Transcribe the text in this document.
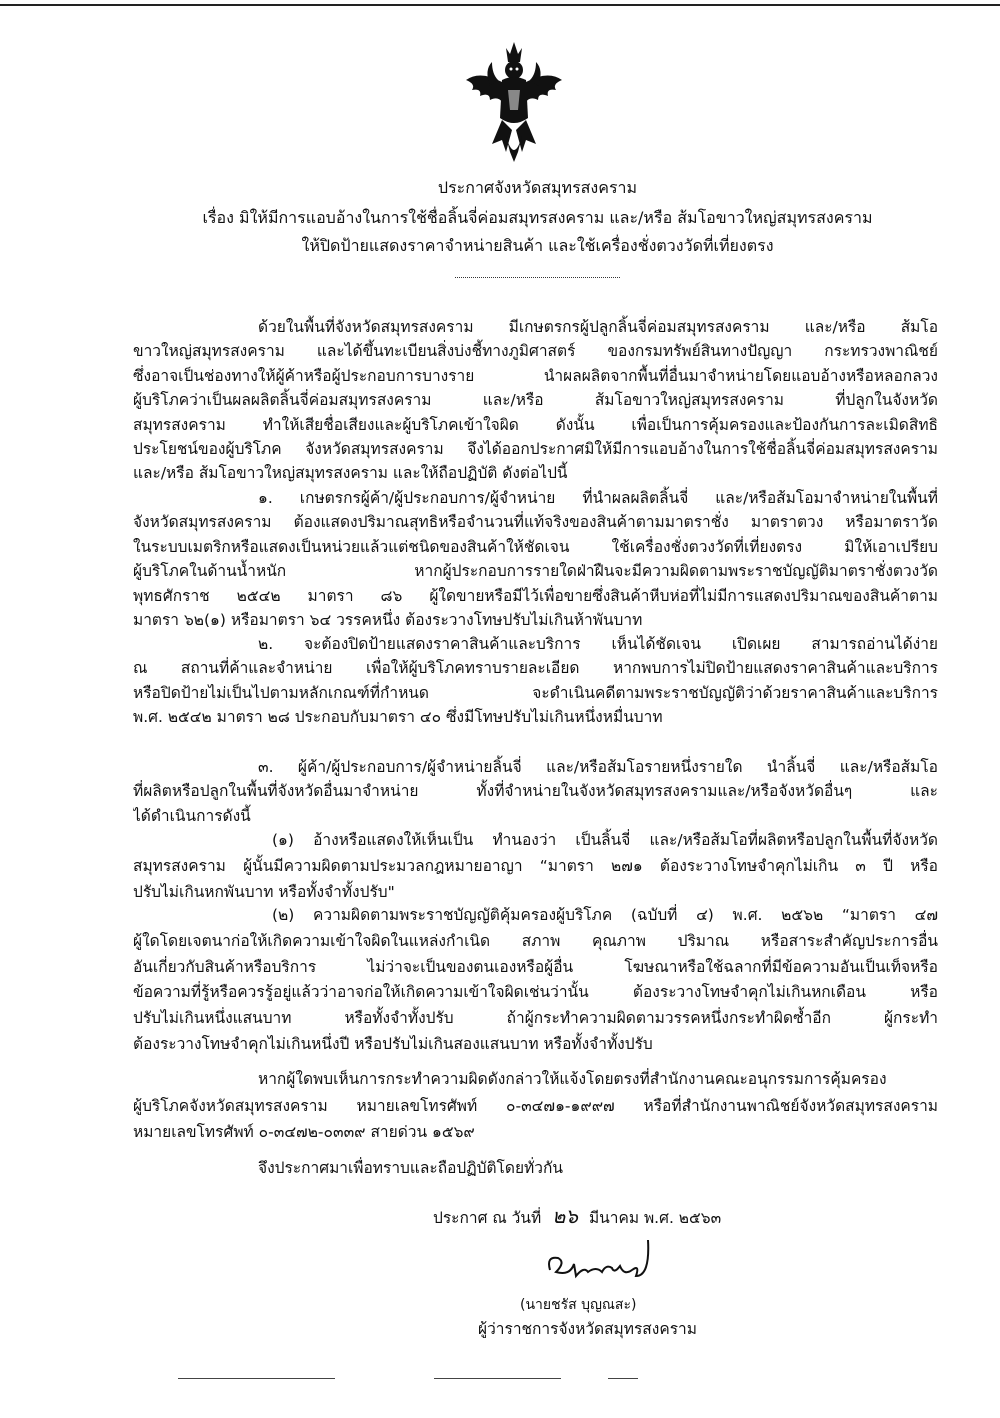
ประกาศจังหวัดสมุทรสงคราม
เรื่อง มิให้มีการแอบอ้างในการใช้ชื่อลิ้นจี่ค่อมสมุทรสงคราม และ/หรือ ส้มโอขาวใหญ่สมุทรสงคราม
ให้ปิดป้ายแสดงราคาจำหน่ายสินค้า และใช้เครื่องชั่งตวงวัดที่เที่ยงตรง
ด้วยในพื้นที่จังหวัดสมุทรสงคราม มีเกษตรกรผู้ปลูกลิ้นจี่ค่อมสมุทรสงคราม และ/หรือ ส้มโอ
ขาวใหญ่สมุทรสงคราม และได้ขึ้นทะเบียนสิ่งบ่งชี้ทางภูมิศาสตร์ ของกรมทรัพย์สินทางปัญญา กระทรวงพาณิชย์
ซึ่งอาจเป็นช่องทางให้ผู้ค้าหรือผู้ประกอบการบางราย นำผลผลิตจากพื้นที่อื่นมาจำหน่ายโดยแอบอ้างหรือหลอกลวง
ผู้บริโภคว่าเป็นผลผลิตลิ้นจี่ค่อมสมุทรสงคราม และ/หรือ ส้มโอขาวใหญ่สมุทรสงคราม ที่ปลูกในจังหวัด
สมุทรสงคราม ทำให้เสียชื่อเสียงและผู้บริโภคเข้าใจผิด ดังนั้น เพื่อเป็นการคุ้มครองและป้องกันการละเมิดสิทธิ
ประโยชน์ของผู้บริโภค จังหวัดสมุทรสงคราม จึงได้ออกประกาศมิให้มีการแอบอ้างในการใช้ชื่อลิ้นจี่ค่อมสมุทรสงคราม
และ/หรือ ส้มโอขาวใหญ่สมุทรสงคราม และให้ถือปฏิบัติ ดังต่อไปนี้
๑. เกษตรกรผู้ค้า/ผู้ประกอบการ/ผู้จำหน่าย ที่นำผลผลิตลิ้นจี่ และ/หรือส้มโอมาจำหน่ายในพื้นที่
จังหวัดสมุทรสงคราม ต้องแสดงปริมาณสุทธิหรือจำนวนที่แท้จริงของสินค้าตามมาตราชั่ง มาตราตวง หรือมาตราวัด
ในระบบเมตริกหรือแสดงเป็นหน่วยแล้วแต่ชนิดของสินค้าให้ชัดเจน ใช้เครื่องชั่งตวงวัดที่เที่ยงตรง มิให้เอาเปรียบ
ผู้บริโภคในด้านน้ำหนัก หากผู้ประกอบการรายใดฝ่าฝืนจะมีความผิดตามพระราชบัญญัติมาตราชั่งตวงวัด
พุทธศักราช ๒๕๔๒ มาตรา ๘๖ ผู้ใดขายหรือมีไว้เพื่อขายซึ่งสินค้าหีบห่อที่ไม่มีการแสดงปริมาณของสินค้าตาม
มาตรา ๖๒(๑) หรือมาตรา ๖๔ วรรคหนึ่ง ต้องระวางโทษปรับไม่เกินห้าพันบาท
๒. จะต้องปิดป้ายแสดงราคาสินค้าและบริการ เห็นได้ชัดเจน เปิดเผย สามารถอ่านได้ง่าย
ณ สถานที่ค้าและจำหน่าย เพื่อให้ผู้บริโภคทราบรายละเอียด หากพบการไม่ปิดป้ายแสดงราคาสินค้าและบริการ
หรือปิดป้ายไม่เป็นไปตามหลักเกณฑ์ที่กำหนด จะดำเนินคดีตามพระราชบัญญัติว่าด้วยราคาสินค้าและบริการ
พ.ศ. ๒๕๔๒ มาตรา ๒๘ ประกอบกับมาตรา ๔๐ ซึ่งมีโทษปรับไม่เกินหนึ่งหมื่นบาท
๓. ผู้ค้า/ผู้ประกอบการ/ผู้จำหน่ายลิ้นจี่ และ/หรือส้มโอรายหนึ่งรายใด นำลิ้นจี่ และ/หรือส้มโอ
ที่ผลิตหรือปลูกในพื้นที่จังหวัดอื่นมาจำหน่าย ทั้งที่จำหน่ายในจังหวัดสมุทรสงครามและ/หรือจังหวัดอื่นๆ และ
ได้ดำเนินการดังนี้
(๑) อ้างหรือแสดงให้เห็นเป็น ทำนองว่า เป็นลิ้นจี่ และ/หรือส้มโอที่ผลิตหรือปลูกในพื้นที่จังหวัด
สมุทรสงคราม ผู้นั้นมีความผิดตามประมวลกฎหมายอาญา “มาตรา ๒๗๑ ต้องระวางโทษจำคุกไม่เกิน ๓ ปี หรือ
ปรับไม่เกินหกพันบาท หรือทั้งจำทั้งปรับ"
(๒) ความผิดตามพระราชบัญญัติคุ้มครองผู้บริโภค (ฉบับที่ ๔) พ.ศ. ๒๕๖๒ “มาตรา ๔๗
ผู้ใดโดยเจตนาก่อให้เกิดความเข้าใจผิดในแหล่งกำเนิด สภาพ คุณภาพ ปริมาณ หรือสาระสำคัญประการอื่น
อันเกี่ยวกับสินค้าหรือบริการ ไม่ว่าจะเป็นของตนเองหรือผู้อื่น โฆษณาหรือใช้ฉลากที่มีข้อความอันเป็นเท็จหรือ
ข้อความที่รู้หรือควรรู้อยู่แล้วว่าอาจก่อให้เกิดความเข้าใจผิดเช่นว่านั้น ต้องระวางโทษจำคุกไม่เกินหกเดือน หรือ
ปรับไม่เกินหนึ่งแสนบาท หรือทั้งจำทั้งปรับ ถ้าผู้กระทำความผิดตามวรรคหนึ่งกระทำผิดซ้ำอีก ผู้กระทำ
ต้องระวางโทษจำคุกไม่เกินหนึ่งปี หรือปรับไม่เกินสองแสนบาท หรือทั้งจำทั้งปรับ
หากผู้ใดพบเห็นการกระทำความผิดดังกล่าวให้แจ้งโดยตรงที่สำนักงานคณะอนุกรรมการคุ้มครอง
ผู้บริโภคจังหวัดสมุทรสงคราม หมายเลขโทรศัพท์ ๐-๓๔๗๑-๑๙๙๗ หรือที่สำนักงานพาณิชย์จังหวัดสมุทรสงคราม
หมายเลขโทรศัพท์ ๐-๓๔๗๒-๐๓๓๙ สายด่วน ๑๕๖๙
จึงประกาศมาเพื่อทราบและถือปฏิบัติโดยทั่วกัน
ประกาศ ณ วันที่ ๒๖ มีนาคม พ.ศ. ๒๕๖๓
(นายชรัส บุญณสะ)
ผู้ว่าราชการจังหวัดสมุทรสงคราม
